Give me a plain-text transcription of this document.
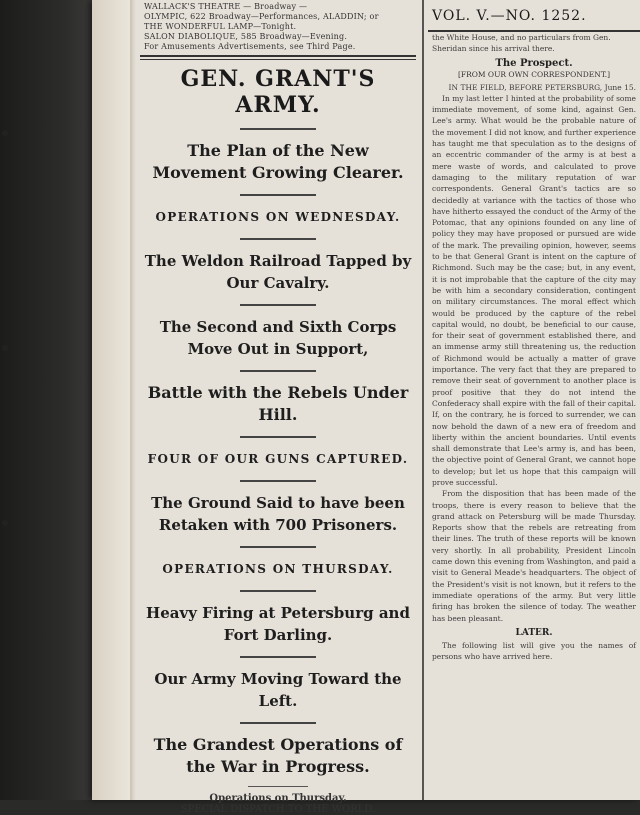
WALLACK'S THEATRE — Broadway —
OLYMPIC, 622 Broadway—Performances, ALADDIN; or
THE WONDERFUL LAMP—Tonight.
SALON DIABOLIQUE, 585 Broadway—Evening.
For Amusements Advertisements, see Third Page.
GEN. GRANT'S ARMY.

The Plan of the New Movement Growing Clearer.

OPERATIONS ON WEDNESDAY.

The Weldon Railroad Tapped by Our Cavalry.

The Second and Sixth Corps Move Out in Support,

Battle with the Rebels Under Hill.

FOUR OF OUR GUNS CAPTURED.

The Ground Said to have been Retaken with 700 Prisoners.

OPERATIONS ON THURSDAY.

Heavy Firing at Petersburg and Fort Darling.

Our Army Moving Toward the Left.

The Grandest Operations of the War in Progress.

Operations on Thursday.

SPECIAL DISPATCH TO THE WORLD.

VOL. V.—NO. 1252.
the White House, and no particulars from Gen.
Sheridan since his arrival there.
The Prospect.
[FROM OUR OWN CORRESPONDENT.]
IN THE FIELD, BEFORE PETERSBURG, June 15.
In my last letter I hinted at the probability of some immediate movement, of some kind, against Gen. Lee's army. What would be the probable nature of the movement I did not know, and further experience has taught me that speculation as to the designs of an eccentric commander of the army is at best a mere waste of words, and calculated to prove damaging to the military reputation of war correspondents. General Grant's tactics are so decidedly at variance with the tactics of those who have hitherto essayed the conduct of the Army of the Potomac, that any opinions founded on any line of policy they may have proposed or pursued are wide of the mark. The prevailing opinion, however, seems to be that General Grant is intent on the capture of Richmond. Such may be the case; but, in any event, it is not improbable that the capture of the city may be with him a secondary consideration, contingent on military circumstances. The moral effect which would be produced by the capture of the rebel capital would, no doubt, be beneficial to our cause, for their seat of government established there, and an immense army still threatening us, the reduction of Richmond would be actually a matter of grave importance. The very fact that they are prepared to remove their seat of government to another place is proof positive that they do not intend the Confederacy shall expire with the fall of their capital. If, on the contrary, he is forced to surrender, we can now behold the dawn of a new era of freedom and liberty within the ancient boundaries. Until events shall demonstrate that Lee's army is, and has been, the objective point of General Grant, we cannot hope to develop; but let us hope that this campaign will prove successful.
From the disposition that has been made of the troops, there is every reason to believe that the grand attack on Petersburg will be made Thursday. Reports show that the rebels are retreating from their lines. The truth of these reports will be known very shortly. In all probability, President Lincoln came down this evening from Washington, and paid a visit to General Meade's headquarters. The object of the President's visit is not known, but it refers to the immediate operations of the army. But very little firing has broken the silence of today. The weather has been pleasant.
LATER.
The following list will give you the names of persons who have arrived here.
